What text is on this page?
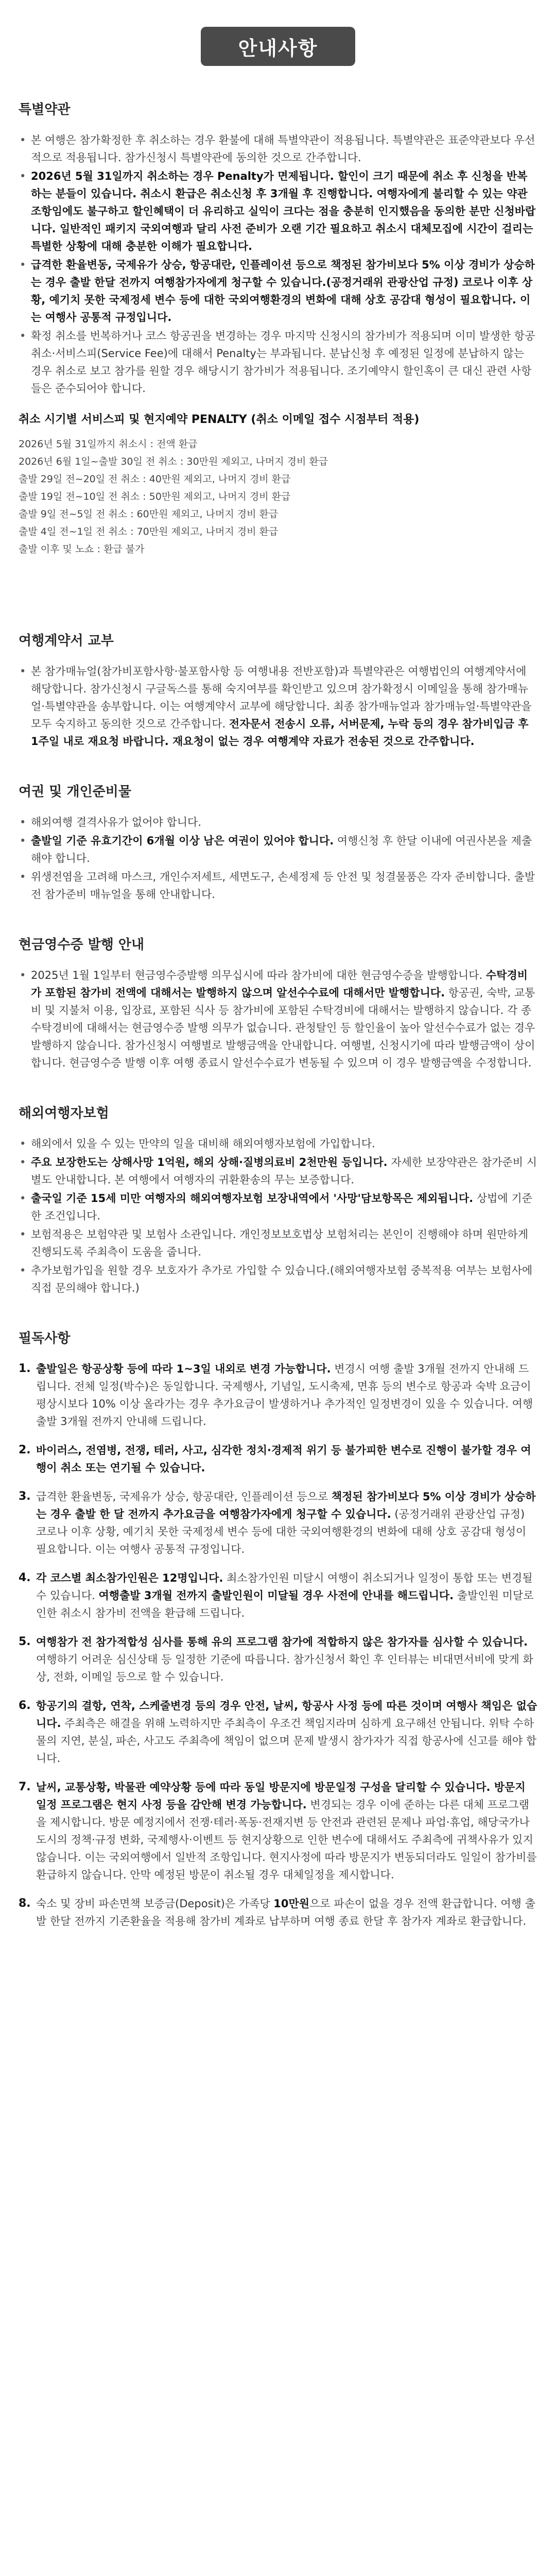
안내사항
특별약관
• 본 여행은 참가확정한 후 취소하는 경우 환불에 대해 특별약관이 적용됩니다. 특별약관은 표준약관보다 우선적으로 적용됩니다. 참가신청시 특별약관에 동의한 것으로 간주합니다.
• 2026년 5월 31일까지 취소하는 경우 Penalty가 면제됩니다. 할인이 크기 때문에 취소 후 신청을 반복하는 분들이 있습니다. 취소시 환급은 취소신청 후 3개월 후 진행합니다. 여행자에게 불리할 수 있는 약관 조항임에도 불구하고 할인혜택이 더 유리하고 실익이 크다는 점을 충분히 인지했음을 동의한 분만 신청바랍니다. 일반적인 패키지 국외여행과 달리 사전 준비가 오랜 기간 필요하고 취소시 대체모집에 시간이 걸리는 특별한 상황에 대해 충분한 이해가 필요합니다.
• 급격한 환율변동, 국제유가 상승, 항공대란, 인플레이션 등으로 책정된 참가비보다 5% 이상 경비가 상승하는 경우 출발 한달 전까지 여행참가자에게 청구할 수 있습니다.(공정거래위 관광산업 규정) 코로나 이후 상황, 예기치 못한 국제정세 변수 등에 대한 국외여행환경의 변화에 대해 상호 공감대 형성이 필요합니다. 이는 여행사 공통적 규정입니다.
• 확정 취소를 번복하거나 코스 항공권을 변경하는 경우 마지막 신청시의 참가비가 적용되며 이미 발생한 항공취소·서비스피(Service Fee)에 대해서 Penalty는 부과됩니다. 분납신청 후 예정된 일정에 분납하지 않는 경우 취소로 보고 참가를 원할 경우 해당시기 참가비가 적용됩니다. 조기예약시 할인혹이 큰 대신 관련 사항들은 준수되어야 합니다.
취소 시기별 서비스피 및 현지예약 PENALTY (취소 이메일 접수 시점부터 적용)
2026년 5월 31일까지 취소시 : 전액 환급
2026년 6월 1일~출발 30일 전 취소 : 30만원 제외고, 나머지 경비 환급
출발 29일 전~20일 전 취소 : 40만원 제외고, 나머지 경비 환급
출발 19일 전~10일 전 취소 : 50만원 제외고, 나머지 경비 환급
출발 9일 전~5일 전 취소 : 60만원 제외고, 나머지 경비 환급
출발 4일 전~1일 전 취소 : 70만원 제외고, 나머지 경비 환급
출발 이후 및 노쇼 : 환급 불가
여행계약서 교부
• 본 참가매뉴얼(참가비포함사항·불포함사항 등 여행내용 전반포함)과 특별약관은 여행법인의 여행계약서에 해당합니다. 참가신청시 구글독스를 통해 숙지여부를 확인받고 있으며 참가확정시 이메일을 통해 참가매뉴얼·특별약관을 송부합니다. 이는 여행계약서 교부에 해당합니다. 최종 참가매뉴얼과 참가매뉴얼·특별약관을 모두 숙지하고 동의한 것으로 간주합니다. 전자문서 전송시 오류, 서버문제, 누락 등의 경우 참가비입금 후 1주일 내로 재요청 바랍니다. 재요청이 없는 경우 여행계약 자료가 전송된 것으로 간주합니다.
여권 및 개인준비물
• 해외여행 결격사유가 없어야 합니다.
• 출발일 기준 유효기간이 6개월 이상 남은 여권이 있어야 합니다. 여행신청 후 한달 이내에 여권사본을 제출해야 합니다.
• 위생전염을 고려해 마스크, 개인수저세트, 세면도구, 손세정제 등 안전 및 청결물품은 각자 준비합니다. 출발 전 참가준비 매뉴얼을 통해 안내합니다.
현금영수증 발행 안내
• 2025년 1월 1일부터 현금영수증발행 의무십시에 따라 참가비에 대한 현금영수증을 발행합니다. 수탁경비가 포함된 참가비 전액에 대해서는 발행하지 않으며 알선수수료에 대해서만 발행합니다. 항공권, 숙박, 교통비 및 지불처 이용, 입장료, 포함된 식사 등 참가비에 포함된 수탁경비에 대해서는 발행하지 않습니다. 각 종 수탁경비에 대해서는 현금영수증 발행 의무가 없습니다. 관청탈인 등 할인율이 높아 알선수수료가 없는 경우 발행하지 않습니다. 참가신청시 여행별로 발행금액을 안내합니다. 여행별, 신청시기에 따라 발행금액이 상이합니다. 현금영수증 발행 이후 여행 종료시 알선수수료가 변동될 수 있으며 이 경우 발행금액을 수정합니다.
해외여행자보험
• 해외에서 있을 수 있는 만약의 일을 대비해 해외여행자보험에 가입합니다.
• 주요 보장한도는 상해사망 1억원, 해외 상해·질병의료비 2천만원 등입니다. 자세한 보장약관은 참가준비 시 별도 안내합니다. 본 여행에서 여행자의 귀환환송의 무는 보증합니다.
• 출국일 기준 15세 미만 여행자의 해외여행자보험 보장내역에서 '사망'담보항목은 제외됩니다. 상법에 기준한 조건입니다.
• 보험적용은 보험약관 및 보험사 소관입니다. 개인정보보호법상 보험처리는 본인이 진행해야 하며 원만하게 진행되도록 주최측이 도움을 줍니다.
• 추가보험가입을 원할 경우 보호자가 추가로 가입할 수 있습니다.(해외여행자보험 중복적용 여부는 보험사에 직접 문의해야 합니다.)
필독사항
1. 출발일은 항공상황 등에 따라 1~3일 내외로 변경 가능합니다. 변경시 여행 출발 3개월 전까지 안내해 드립니다. 전체 일정(박수)은 동일합니다. 국제행사, 기념일, 도시축제, 면휴 등의 변수로 항공과 숙박 요금이 평상시보다 10% 이상 올라가는 경우 추가요금이 발생하거나 추가적인 일정변경이 있을 수 있습니다. 여행출발 3개월 전까지 안내해 드립니다.
2. 바이러스, 전염병, 전쟁, 테러, 사고, 심각한 정치·경제적 위기 등 불가피한 변수로 진행이 불가할 경우 여행이 취소 또는 연기될 수 있습니다.
3. 급격한 환율변동, 국제유가 상승, 항공대란, 인플레이션 등으로 책정된 참가비보다 5% 이상 경비가 상승하는 경우 출발 한 달 전까지 추가요금을 여행참가자에게 청구할 수 있습니다. (공정거래위 관광산업 규정) 코로나 이후 상황, 예기치 못한 국제정세 변수 등에 대한 국외여행환경의 변화에 대해 상호 공감대 형성이 필요합니다. 이는 여행사 공통적 규정입니다.
4. 각 코스별 최소참가인원은 12명입니다. 최소참가인원 미달시 여행이 취소되거나 일정이 통합 또는 변경될 수 있습니다. 여행출발 3개월 전까지 출발인원이 미달될 경우 사전에 안내를 해드립니다. 출발인원 미달로 인한 취소시 참가비 전액을 환급해 드립니다.
5. 여행참가 전 참가적합성 심사를 통해 유의 프로그램 참가에 적합하지 않은 참가자를 심사할 수 있습니다. 여행하기 어려운 심신상태 등 일정한 기준에 따릅니다. 참가신청서 확인 후 인터뷰는 비대면서비에 맞게 화상, 전화, 이메일 등으로 할 수 있습니다.
6. 항공기의 결항, 연착, 스케줄변경 등의 경우 안전, 날씨, 항공사 사정 등에 따른 것이며 여행사 책임은 없습니다. 주최측은 해결을 위해 노력하지만 주최측이 우조건 책임지라며 심하게 요구해선 안됩니다. 위탁 수하물의 지연, 분실, 파손, 사고도 주최측에 책임이 없으며 문제 발생시 참가자가 직접 항공사에 신고를 해야 합니다.
7. 날씨, 교통상황, 박물관 예약상황 등에 따라 동일 방문지에 방문일정 구성을 달리할 수 있습니다. 방문지 일정 프로그램은 현지 사정 등을 감안해 변경 가능합니다. 변경되는 경우 이에 준하는 다른 대체 프로그램을 제시합니다. 방문 예정지에서 전쟁·테러·폭동·전재지변 등 안전과 관련된 문제나 파업·휴업, 해당국가나 도시의 정책·규정 변화, 국제행사·이벤트 등 현지상황으로 인한 변수에 대해서도 주최측에 귀책사유가 있지 않습니다. 이는 국외여행에서 일반적 조항입니다. 현지사정에 따라 방문지가 변동되더라도 일일이 참가비를 환급하지 않습니다. 안막 예정된 방문이 취소될 경우 대체일정을 제시합니다.
8. 숙소 및 장비 파손면책 보증금(Deposit)은 가족당 10만원으로 파손이 없을 경우 전액 환급합니다. 여행 출발 한달 전까지 기존환율을 적용해 참가비 계좌로 납부하며 여행 종료 한달 후 참가자 계좌로 환급합니다.
